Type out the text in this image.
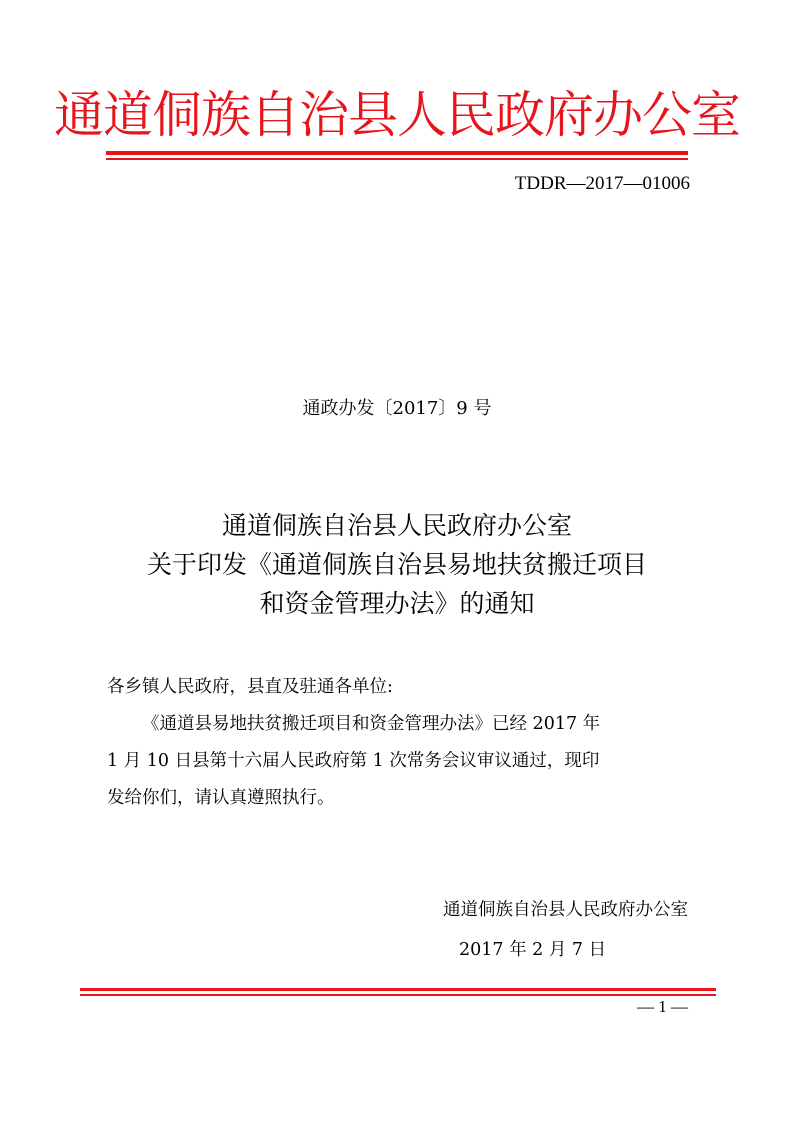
通道侗族自治县人民政府办公室
TDDR—2017—01006
通政办发〔2017〕9 号
通道侗族自治县人民政府办公室
关于印发《通道侗族自治县易地扶贫搬迁项目
和资金管理办法》的通知
各乡镇人民政府，县直及驻通各单位:
《通道县易地扶贫搬迁项目和资金管理办法》已经 2017 年
1 月 10 日县第十六届人民政府第 1 次常务会议审议通过，现印
发给你们，请认真遵照执行。
通道侗族自治县人民政府办公室
2017 年 2 月 7 日
— 1 —
